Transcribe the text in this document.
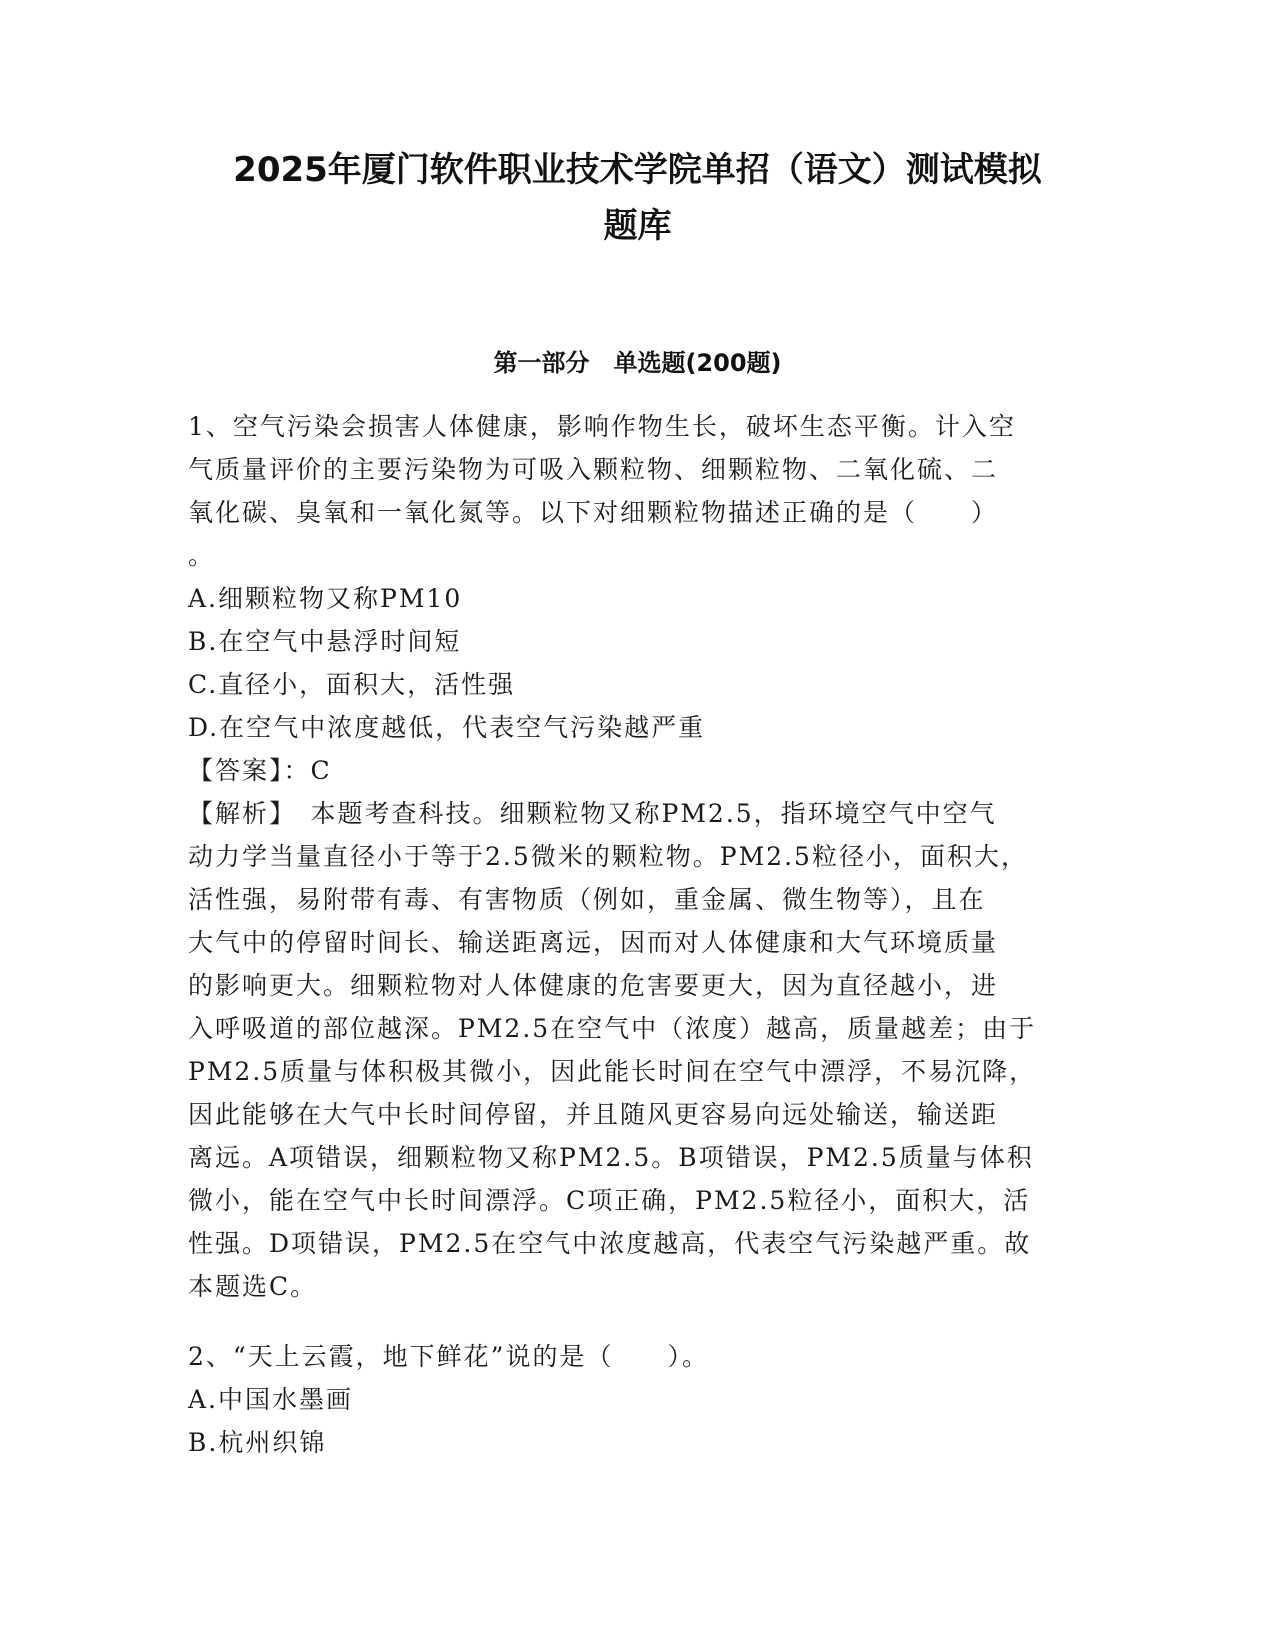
2025年厦门软件职业技术学院单招（语文）测试模拟
题库
第一部分　单选题(200题)

1、空气污染会损害人体健康，影响作物生长，破坏生态平衡。计入空

气质量评价的主要污染物为可吸入颗粒物、细颗粒物、二氧化硫、二

氧化碳、臭氧和一氧化氮等。以下对细颗粒物描述正确的是（　　）

。

A.细颗粒物又称PM10

B.在空气中悬浮时间短

C.直径小，面积大，活性强

D.在空气中浓度越低，代表空气污染越严重

【答案】：C

【解析】　本题考查科技。细颗粒物又称PM2.5，指环境空气中空气

动力学当量直径小于等于2.5微米的颗粒物。PM2.5粒径小，面积大，

活性强，易附带有毒、有害物质（例如，重金属、微生物等），且在

大气中的停留时间长、输送距离远，因而对人体健康和大气环境质量

的影响更大。细颗粒物对人体健康的危害要更大，因为直径越小，进

入呼吸道的部位越深。PM2.5在空气中（浓度）越高，质量越差；由于

PM2.5质量与体积极其微小，因此能长时间在空气中漂浮，不易沉降，

因此能够在大气中长时间停留，并且随风更容易向远处输送，输送距

离远。A项错误，细颗粒物又称PM2.5。B项错误，PM2.5质量与体积

微小，能在空气中长时间漂浮。C项正确，PM2.5粒径小，面积大，活

性强。D项错误，PM2.5在空气中浓度越高，代表空气污染越严重。故

本题选C。

2、“天上云霞，地下鲜花”说的是（　　）。

A.中国水墨画

B.杭州织锦
